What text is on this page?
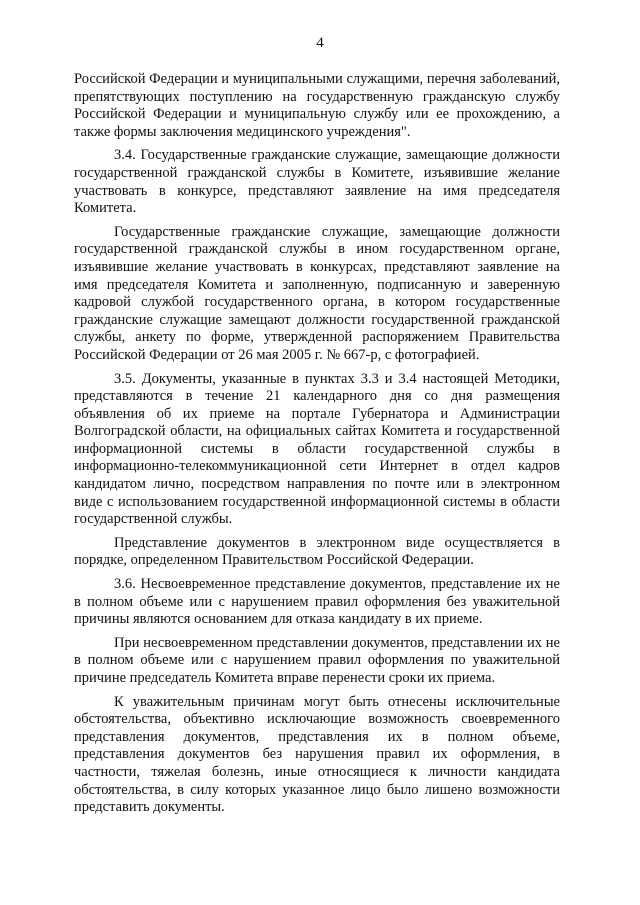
4

Российской Федерации и муниципальными служащими, перечня заболеваний, препятствующих поступлению на государственную гражданскую службу Российской Федерации и муниципальную службу или ее прохождению, а также формы заключения медицинского учреждения".

3.4. Государственные гражданские служащие, замещающие должности государственной гражданской службы в Комитете, изъявившие желание участвовать в конкурсе, представляют заявление на имя председателя Комитета.

Государственные гражданские служащие, замещающие должности государственной гражданской службы в ином государственном органе, изъявившие желание участвовать в конкурсах, представляют заявление на имя председателя Комитета и заполненную, подписанную и заверенную кадровой службой государственного органа, в котором государственные гражданские служащие замещают должности государственной гражданской службы, анкету по форме, утвержденной распоряжением Правительства Российской Федерации от 26 мая 2005 г. № 667-р, с фотографией.

3.5. Документы, указанные в пунктах 3.3 и 3.4 настоящей Методики, представляются в течение 21 календарного дня со дня размещения объявления об их приеме на портале Губернатора и Администрации Волгоградской области, на официальных сайтах Комитета и государственной информационной системы в области государственной службы в информационно-телекоммуникационной сети Интернет в отдел кадров кандидатом лично, посредством направления по почте или в электронном виде с использованием государственной информационной системы в области государственной службы.

Представление документов в электронном виде осуществляется в порядке, определенном Правительством Российской Федерации.

3.6. Несвоевременное представление документов, представление их не в полном объеме или с нарушением правил оформления без уважительной причины являются основанием для отказа кандидату в их приеме.

При несвоевременном представлении документов, представлении их не в полном объеме или с нарушением правил оформления по уважительной причине председатель Комитета вправе перенести сроки их приема.

К уважительным причинам могут быть отнесены исключительные обстоятельства, объективно исключающие возможность своевременного представления документов, представления их в полном объеме, представления документов без нарушения правил их оформления, в частности, тяжелая болезнь, иные относящиеся к личности кандидата обстоятельства, в силу которых указанное лицо было лишено возможности представить документы.
